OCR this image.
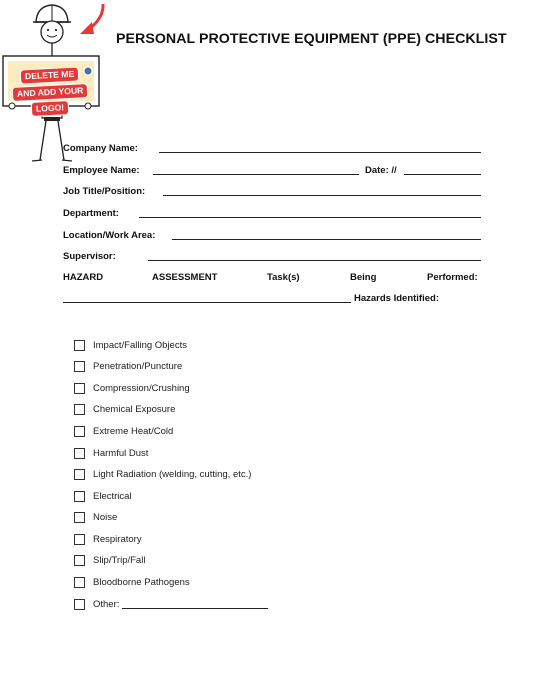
DELETE ME
AND ADD YOUR
LOGO!
PERSONAL PROTECTIVE EQUIPMENT (PPE) CHECKLIST
Company Name:
Employee Name:	Date: //
Job Title/Position:
Department:
Location/Work Area:
Supervisor:
HAZARD	ASSESSMENT	Task(s)	Being	Performed:
Hazards Identified:
Impact/Falling Objects
Penetration/Puncture
Compression/Crushing
Chemical Exposure
Extreme Heat/Cold
Harmful Dust
Light Radiation (welding, cutting, etc.)
Electrical
Noise
Respiratory
Slip/Trip/Fall
Bloodborne Pathogens
Other:
